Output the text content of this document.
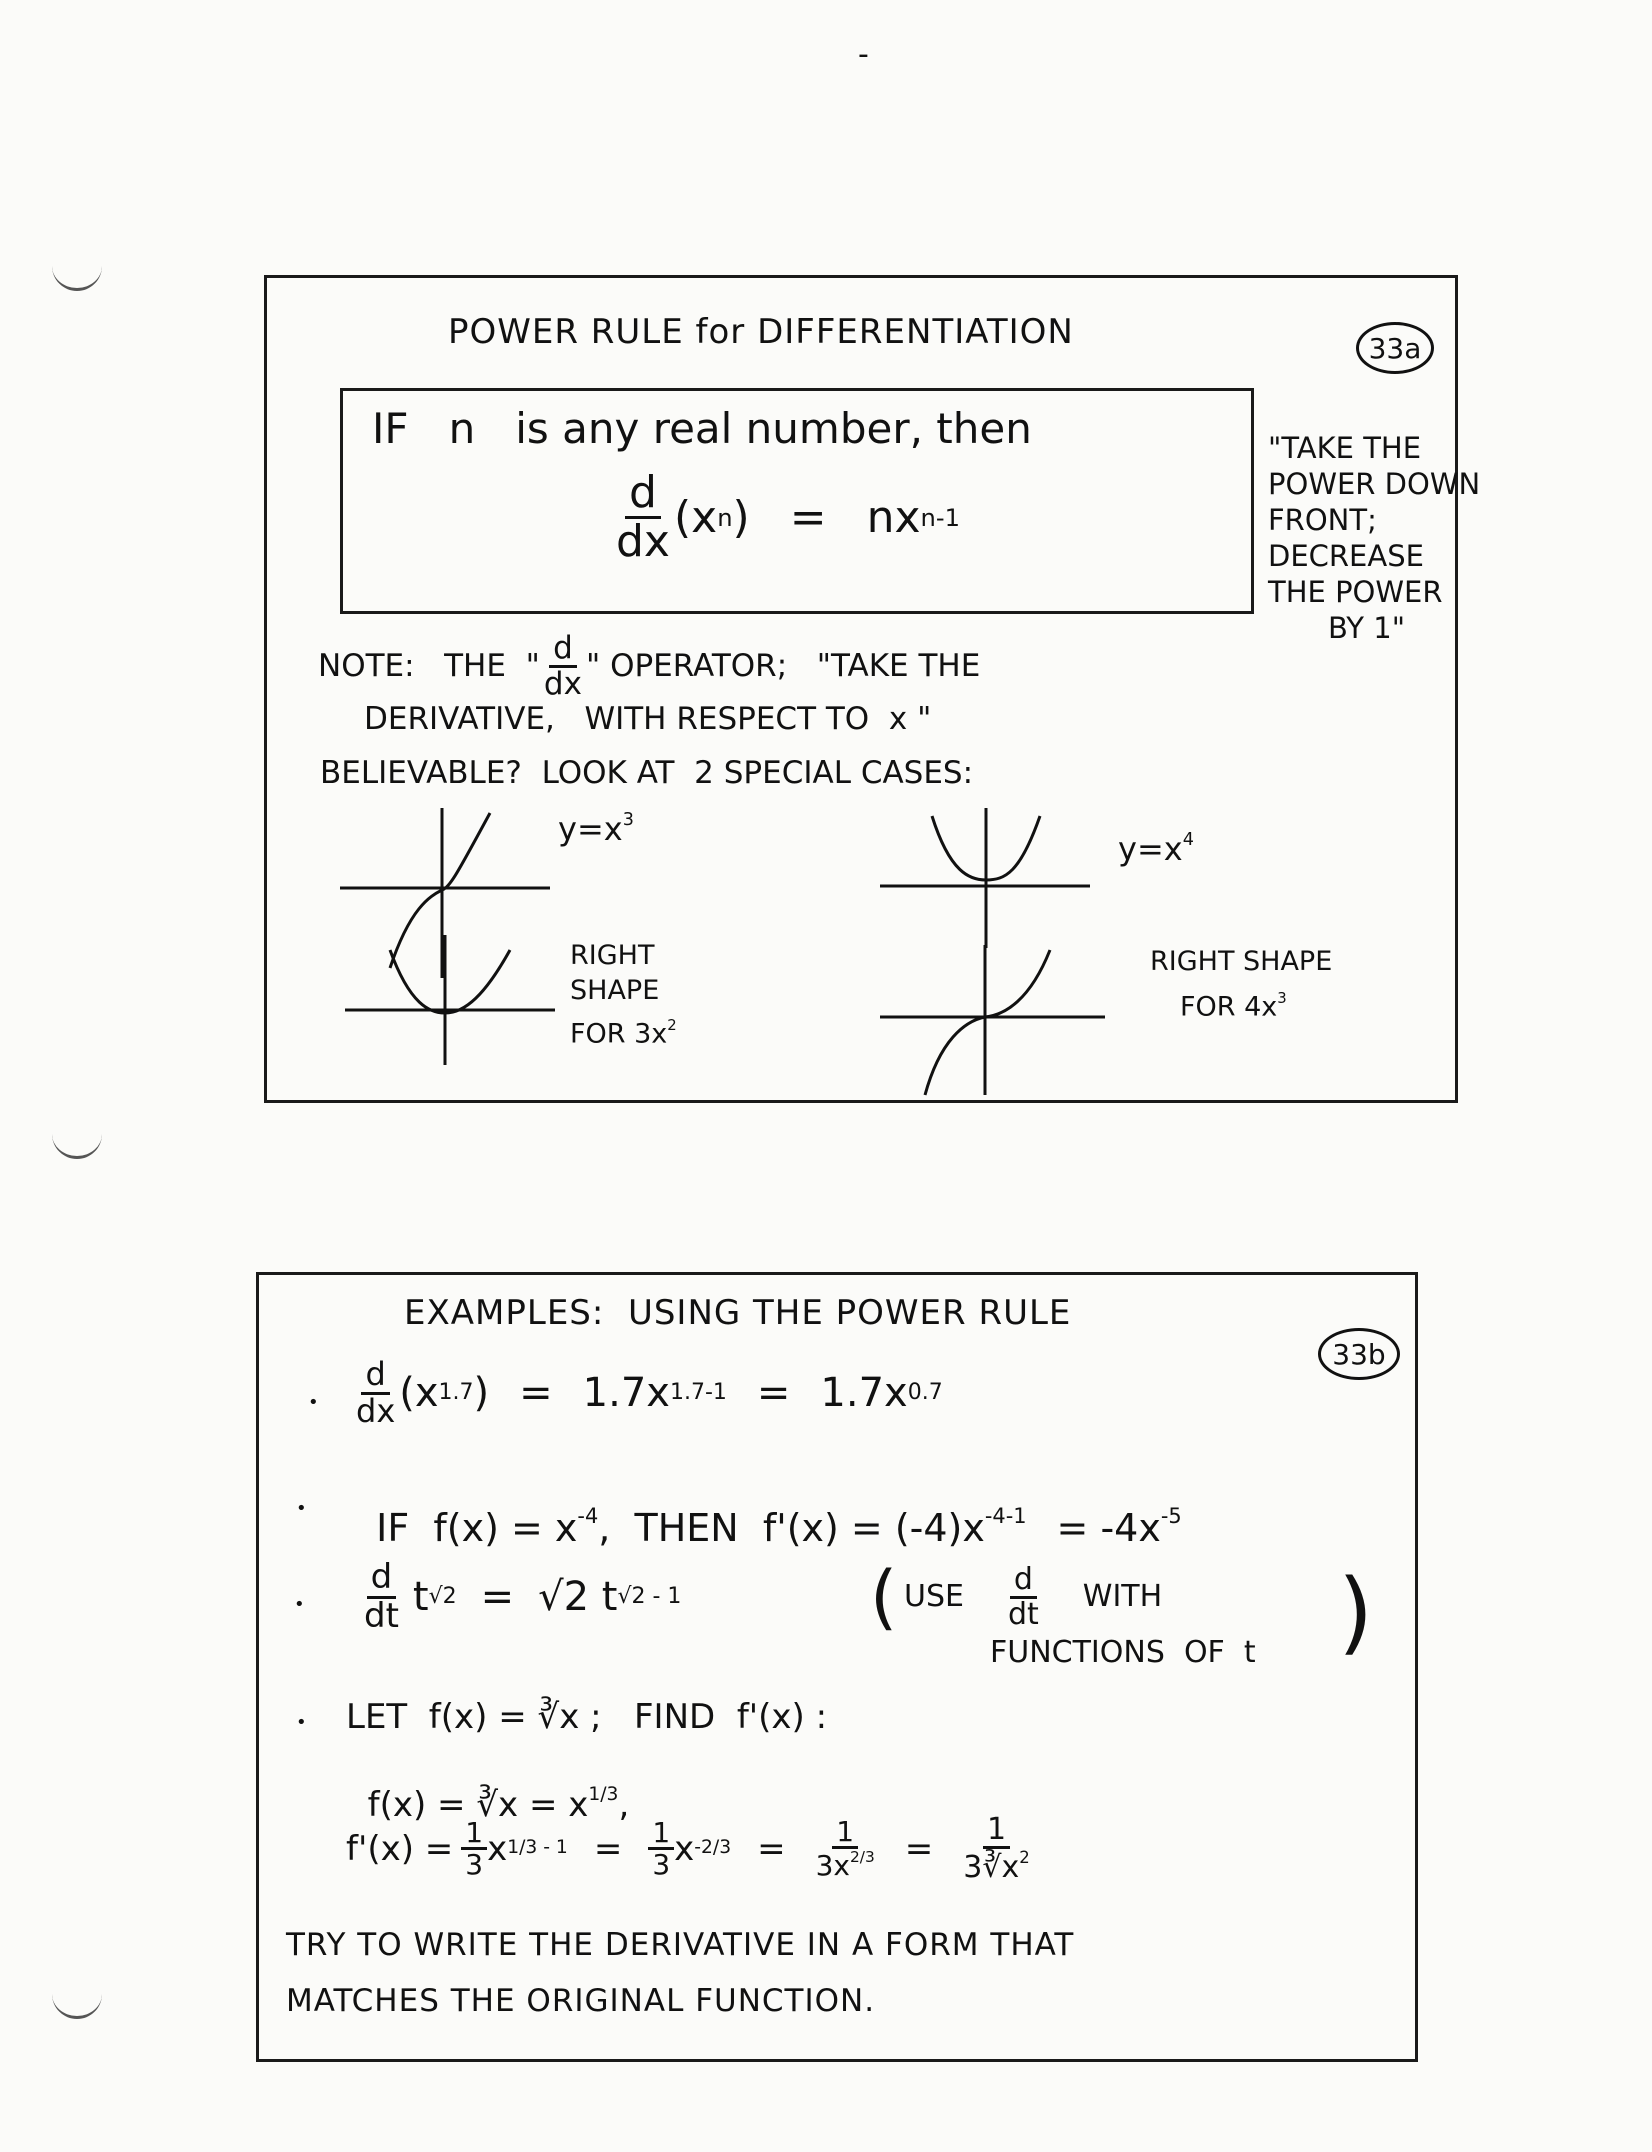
-
POWER RULE for DIFFERENTIATION	33a
IF   n   is any real number, then
$\frac{d}{dx} (x$ n ) = nx n-1
"TAKE THE
POWER DOWN
FRONT;
DECREASE
THE POWER
BY 1"
NOTE:   THE  " $\frac{d}{dx}$ " OPERATOR;   "TAKE THE
DERIVATIVE,   WITH RESPECT TO  x "
BELIEVABLE?  LOOK AT  2 SPECIAL CASES:
$y=x^3$
RIGHT
SHAPE
FOR $3x^2$
$y=x^4$
RIGHT SHAPE
FOR $4x^3$
EXAMPLES:  USING THE POWER RULE
33b
•
•
•
•
$\frac{d}{dx} (x$ 1.7 ) = 1.7x 1.7-1 = 1.7x 0.7

IF  $f(x) = x^{-4}$,  THEN  $f'(x) = (-4)x^{-4-1} = -4x^{-5}$

$\frac{d}{dt}$ t √2 = √2 t √2 - 1	( USE $\frac{d}{dt}$ WITH
FUNCTIONS  OF  t )
LET  f(x) = ∛x ;   FIND  f'(x) :

f(x) = ∛x = $x^{1/3}$,

$f'(x) = \frac{1}{3}$ x $1/3 - 1 = \frac{1}{3}$ x $-2/3 = \frac{1}{3x^{2/3}} = \frac{1}{3∛x^2}$
TRY TO WRITE THE DERIVATIVE IN A FORM THAT
MATCHES THE ORIGINAL FUNCTION.
